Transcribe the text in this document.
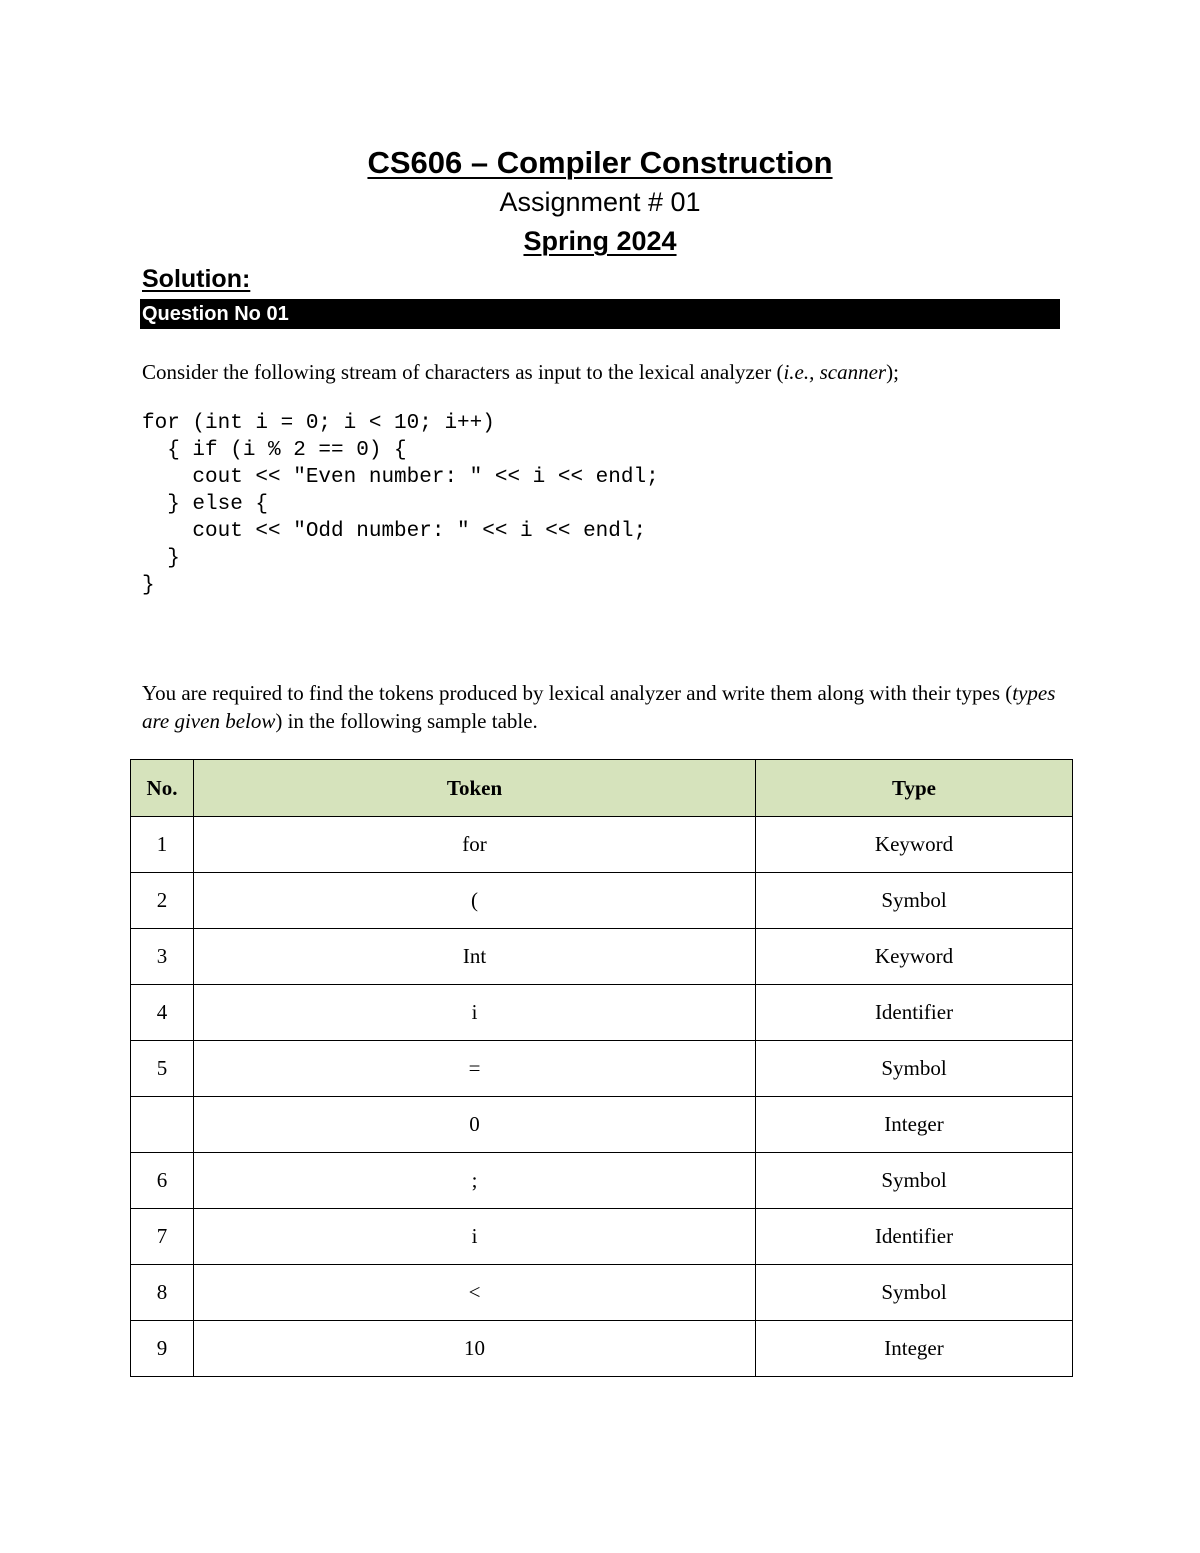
CS606 – Compiler Construction
Assignment # 01
Spring 2024
Solution:
Question No 01
Consider the following stream of characters as input to the lexical analyzer (i.e., scanner);
for (int i = 0; i < 10; i++)
{ if (i % 2 == 0) {
cout << "Even number: " << i << endl;
} else {
cout << "Odd number: " << i << endl;
}
}
You are required to find the tokens produced by lexical analyzer and write them along with their types (types are given below) in the following sample table.
No.	Token	Type
1	for	Keyword
2	(	Symbol
3	Int	Keyword
4	i	Identifier
5	=	Symbol
	0	Integer
6	;	Symbol
7	i	Identifier
8	<	Symbol
9	10	Integer
